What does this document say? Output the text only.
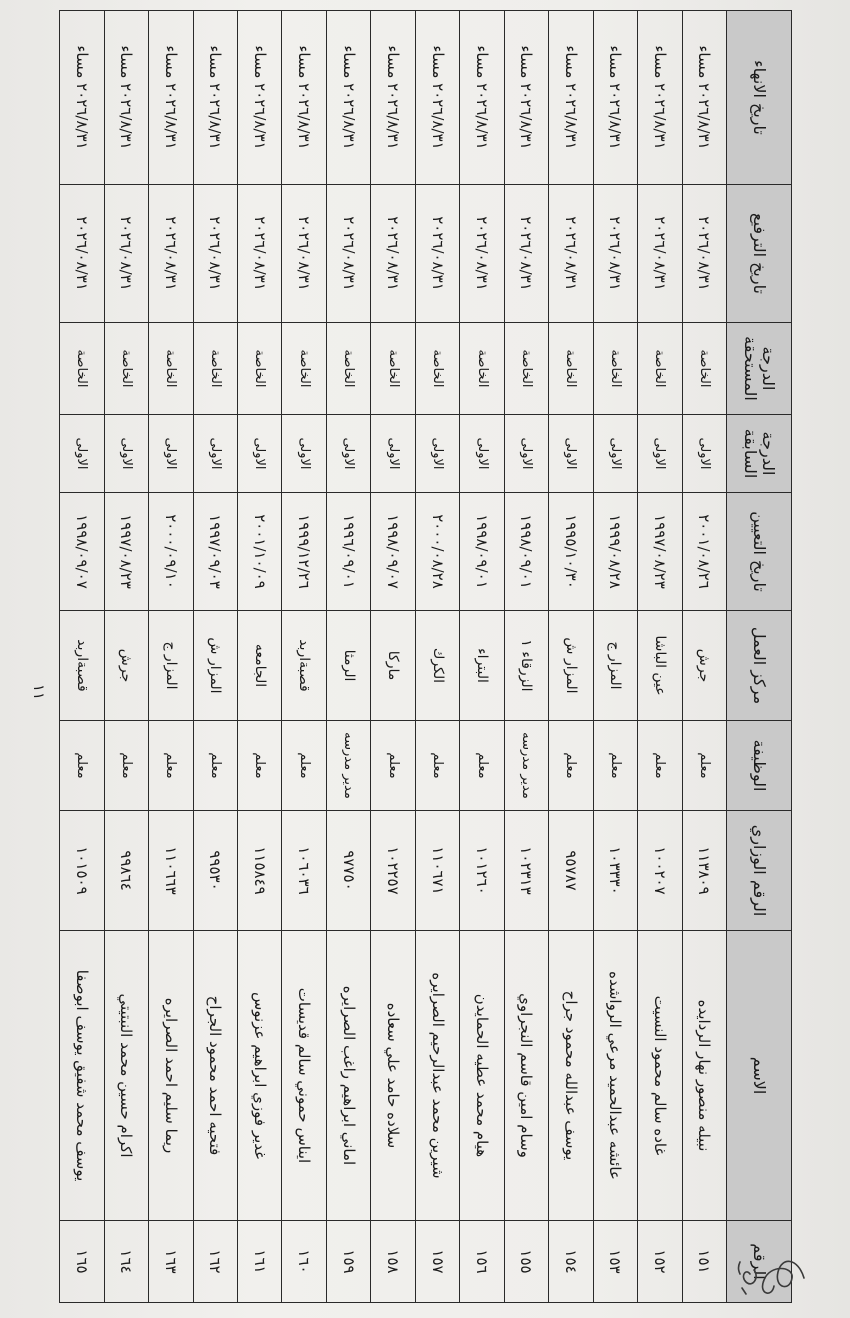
الرقم	الاسم	الرقم الوزاري	الوظيفة	مركز العمل	تاريخ التعيين	الدرجة السابقة	الدرجة المستحقة	تاريخ الترفيع	تاريخ الانهاء
١٥١	نبيله منصور نهار الردايده	١١٣٨٠٩	معلم	جرش	٢٠٠١/٠٨/٢٦	الاولى	الخاصة	٢٠٢٦/٠٨/٣١	٢٠٢٦/٨/٣١ مساء
١٥٢	غاده سالم محمود النسيت	١٠٠٢٠٧	معلم	عين الباشا	١٩٩٧/٠٨/٢٣	الاولى	الخاصة	٢٠٢٦/٠٨/٣١	٢٠٢٦/٨/٣١ مساء
١٥٣	عائشه عبدالحميد مرعي الرواشده	١٠٣٣٣٠	معلم	المزار ج	١٩٩٩/٠٨/٢٨	الاولى	الخاصة	٢٠٢٦/٠٨/٣١	٢٠٢٦/٨/٣١ مساء
١٥٤	يوسف عبدالله محمود جراح	٩٥٧٨٧	معلم	المزار ش	١٩٩٥/١٠/٣٠	الاولى	الخاصة	٢٠٢٦/٠٨/٣١	٢٠٢٦/٨/٣١ مساء
١٥٥	وسام امين قاسم النجراوي	١٠٢٣١٣	مدير مدرسه	الزرقاء ١	١٩٩٨/٠٩/٠١	الاولى	الخاصة	٢٠٢٦/٠٨/٣١	٢٠٢٦/٨/٣١ مساء
١٥٦	هيام محمد عطيه الحمايدن	١٠١٢٦٠	معلم	البتراء	١٩٩٨/٠٩/٠١	الاولى	الخاصة	٢٠٢٦/٠٨/٣١	٢٠٢٦/٨/٣١ مساء
١٥٧	شيرين محمد عبدالرحيم الصرايره	١١٠٦٧١	معلم	الكرك	٢٠٠٠/٠٨/٢٨	الاولى	الخاصة	٢٠٢٦/٠٨/٣١	٢٠٢٦/٨/٣١ مساء
١٥٨	سلاده حامد علي سعاده	١٠٢٢٥٧	معلم	ماركا	١٩٩٨/٠٩/٠٧	الاولى	الخاصة	٢٠٢٦/٠٨/٣١	٢٠٢٦/٨/٣١ مساء
١٥٩	اماني ابراهيم راغب الصرايره	٩٧٧٥٠	مدير مدرسه	الرمثا	١٩٩٦/٠٩/٠١	الاولى	الخاصة	٢٠٢٦/٠٨/٣١	٢٠٢٦/٨/٣١ مساء
١٦٠	ايناس حموني سالم قديسات	١٠٦٠٣٦	معلم	قصبةاربد	١٩٩٩/١٢/٢٦	الاولى	الخاصة	٢٠٢٦/٠٨/٣١	٢٠٢٦/٨/٣١ مساء
١٦١	غدير فوزي ابراهيم عزنوس	١١٥٨٤٩	معلم	الجامعه	٢٠٠١/١٠/٠٩	الاولى	الخاصة	٢٠٢٦/٠٨/٣١	٢٠٢٦/٨/٣١ مساء
١٦٢	فتحيه احمد محمود الجراح	٩٩٥٣٠	معلم	المزار ش	١٩٩٧/٠٩/٠٣	الاولى	الخاصة	٢٠٢٦/٠٨/٣١	٢٠٢٦/٨/٣١ مساء
١٦٣	ريما سليم احمد الصرايره	١١٠٦٦٣	معلم	المزار ج	٢٠٠٠/٠٩/١٠	الاولى	الخاصة	٢٠٢٦/٠٨/٣١	٢٠٢٦/٨/٣١ مساء
١٦٤	اكرام حسين محمد النبتيتي	٩٩٨٦٤	معلم	جرش	١٩٩٧/٠٨/٢٣	الاولى	الخاصة	٢٠٢٦/٠٨/٣١	٢٠٢٦/٨/٣١ مساء
١٦٥	يوسف محمد شفيق يوسف ابوصفا	١٠١٥٠٩	معلم	قصبةاربد	١٩٩٨/٠٩/٠٧	الاولى	الخاصة	٢٠٢٦/٠٨/٣١	٢٠٢٦/٨/٣١ مساء
١١
